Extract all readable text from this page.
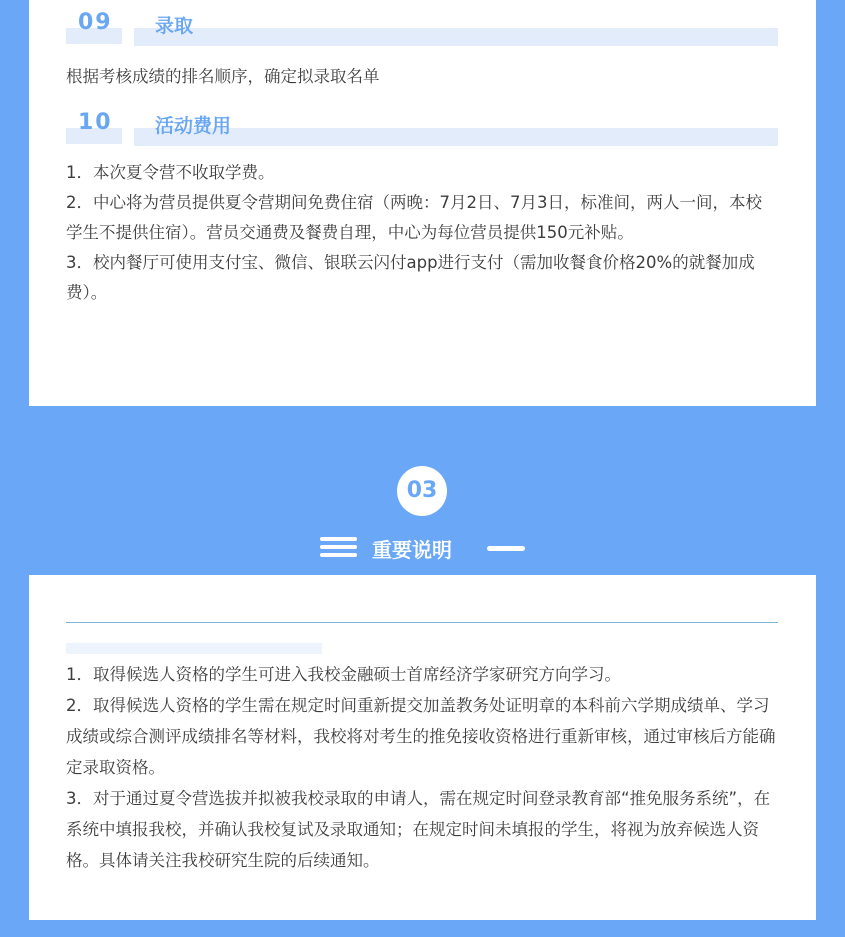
09 录取

根据考核成绩的排名顺序，确定拟录取名单

10 活动费用

1．本次夏令营不收取学费。

2．中心将为营员提供夏令营期间免费住宿（两晚：7月2日、7月3日，标准间，两人一间，本校学生不提供住宿）。营员交通费及餐费自理，中心为每位营员提供150元补贴。

3．校内餐厅可使用支付宝、微信、银联云闪付app进行支付（需加收餐食价格20%的就餐加成费）。

03
重要说明

1．取得候选人资格的学生可进入我校金融硕士首席经济学家研究方向学习。

2．取得候选人资格的学生需在规定时间重新提交加盖教务处证明章的本科前六学期成绩单、学习成绩或综合测评成绩排名等材料，我校将对考生的推免接收资格进行重新审核，通过审核后方能确定录取资格。

3．对于通过夏令营选拔并拟被我校录取的申请人，需在规定时间登录教育部“推免服务系统”，在系统中填报我校，并确认我校复试及录取通知；在规定时间未填报的学生，将视为放弃候选人资格。具体请关注我校研究生院的后续通知。
